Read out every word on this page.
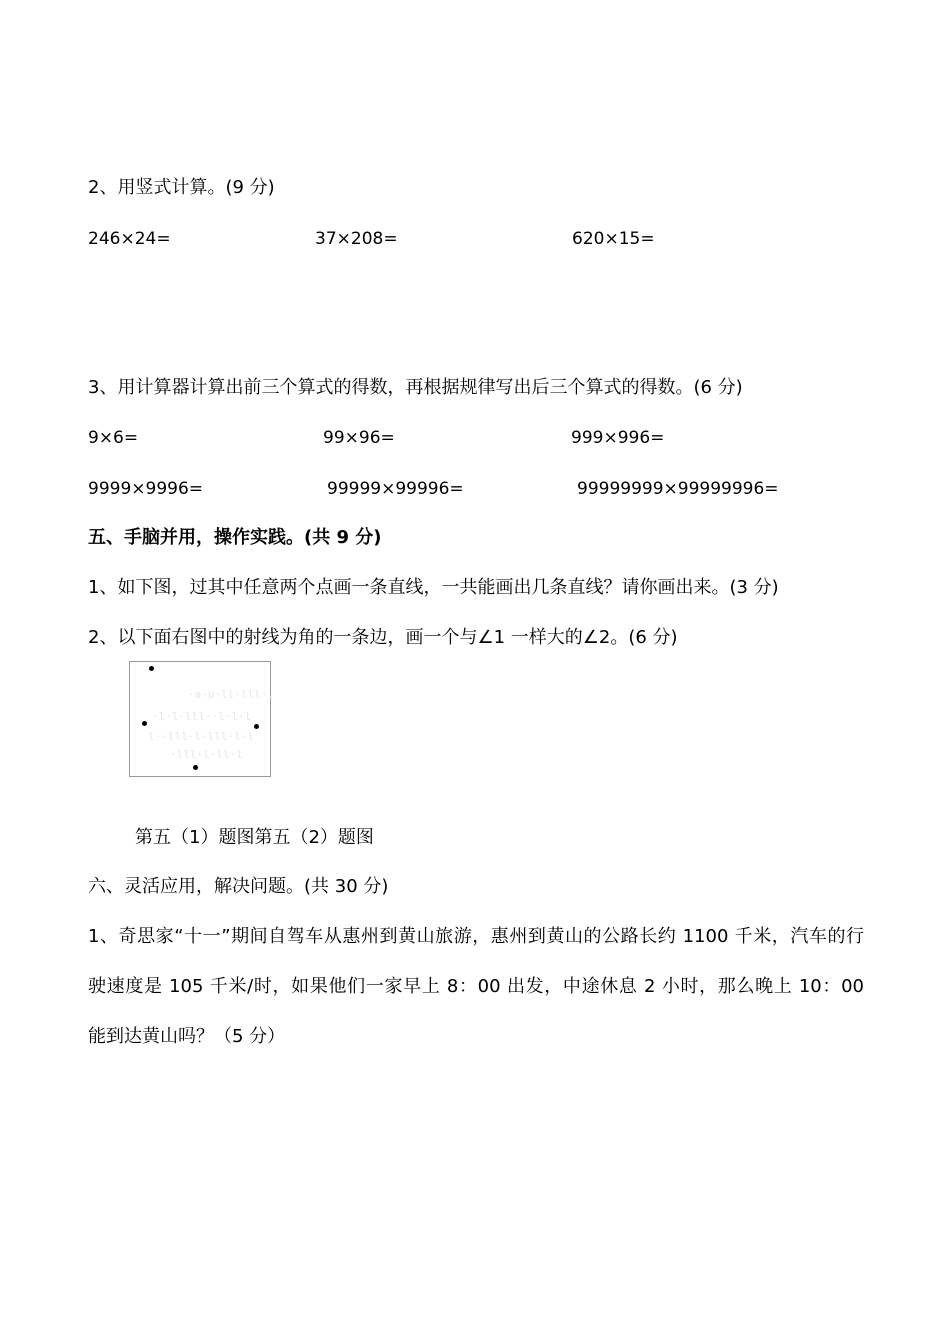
2、用竖式计算。(9 分)
246×24=	37×208=	620×15=
3、用计算器计算出前三个算式的得数，再根据规律写出后三个算式的得数。(6 分)
9×6=	99×96=	999×996=
9999×9996=	99999×99996=	99999999×99999996=
五、手脑并用，操作实践。(共 9 分)
1、如下图，过其中任意两个点画一条直线，一共能画出几条直线？请你画出来。(3 分)
2、以下面右图中的射线为角的一条边，画一个与∠1 一样大的∠2。(6 分)
·a·u·ll·lll·.
·l·l·lll··l·l·l
l··lll·l·lll·l·l
·lll·l·ll·l
第五（1）题图第五（2）题图
六、灵活应用，解决问题。(共 30 分)
1、奇思家“十一”期间自驾车从惠州到黄山旅游，惠州到黄山的公路长约 1100 千米，汽车的行
驶速度是 105 千米/时，如果他们一家早上 8：00 出发，中途休息 2 小时，那么晚上 10：00
能到达黄山吗？（5 分）
